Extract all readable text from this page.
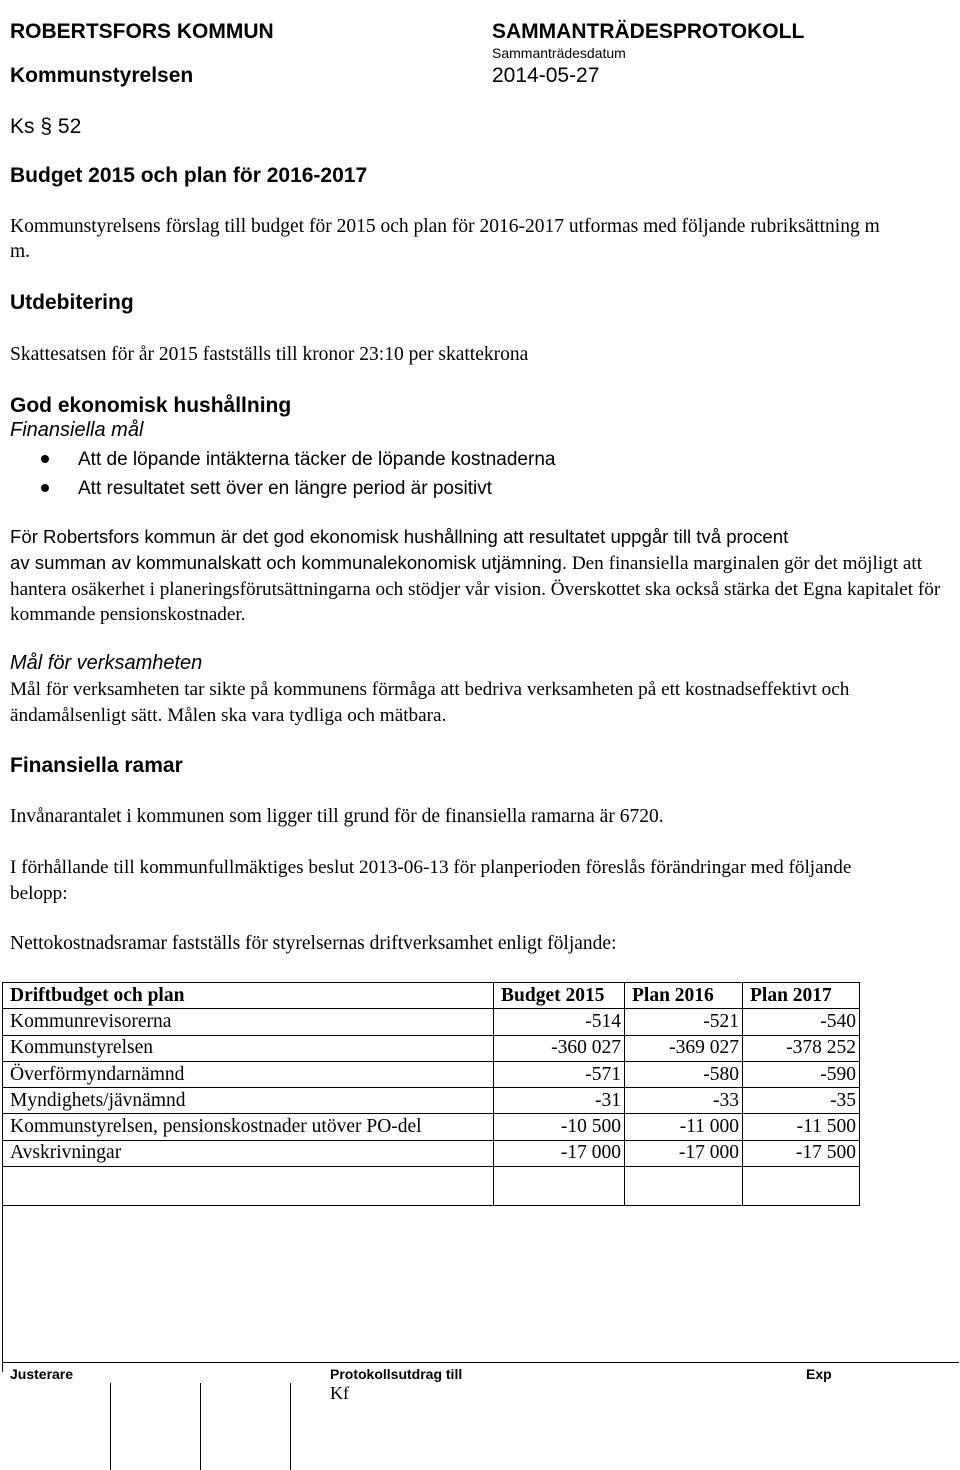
ROBERTSFORS KOMMUN	SAMMANTRÄDESPROTOKOLL
Sammanträdesdatum
Kommunstyrelsen	2014-05-27
Ks § 52
Budget 2015 och plan för 2016-2017
Kommunstyrelsens förslag till budget för 2015 och plan för 2016-2017 utformas med följande rubriksättning m m.
Utdebitering
Skattesatsen för år 2015 fastställs till kronor 23:10 per skattekrona
God ekonomisk hushållning
Finansiella mål
Att de löpande intäkterna täcker de löpande kostnaderna
Att resultatet sett över en längre period är positivt
För Robertsfors kommun är det god ekonomisk hushållning att resultatet uppgår till två procent
av summan av kommunalskatt och kommunalekonomisk utjämning. Den finansiella marginalen gör det möjligt att hantera osäkerhet i planeringsförutsättningarna och stödjer vår vision. Överskottet ska också stärka det Egna kapitalet för kommande pensionskostnader.
Mål för verksamheten
Mål för verksamheten tar sikte på kommunens förmåga att bedriva verksamheten på ett kostnadseffektivt och ändamålsenligt sätt. Målen ska vara tydliga och mätbara.
Finansiella ramar
Invånarantalet i kommunen som ligger till grund för de finansiella ramarna är 6720.
I förhållande till kommunfullmäktiges beslut 2013-06-13 för planperioden föreslås förändringar med följande belopp:
Nettokostnadsramar fastställs för styrelsernas driftverksamhet enligt följande:
Driftbudget och plan	Budget 2015	Plan 2016	Plan 2017
Kommunrevisorerna	-514	-521	-540
Kommunstyrelsen	-360 027	-369 027	-378 252
Överförmyndarnämnd	-571	-580	-590
Myndighets/jävnämnd	-31	-33	-35
Kommunstyrelsen, pensionskostnader utöver PO-del	-10 500	-11 000	-11 500
Avskrivningar	-17 000	-17 000	-17 500

Justerare	Protokollsutdrag till
Kf
Exp
